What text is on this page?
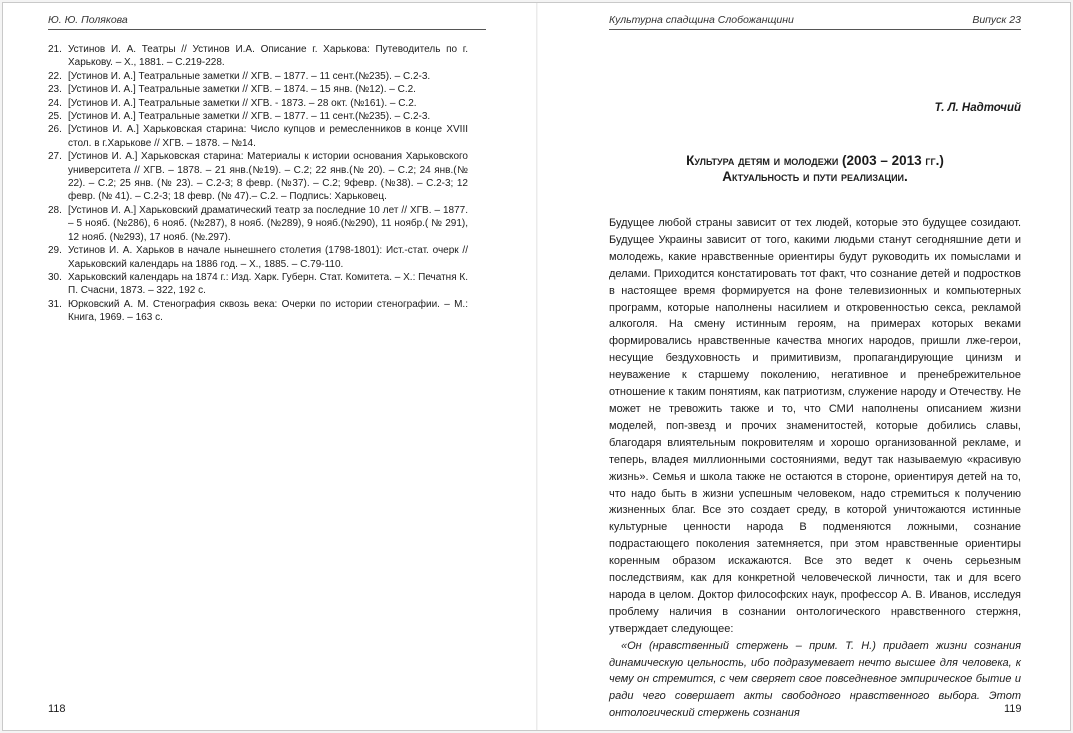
Ю. Ю. Полякова
21. Устинов И. А. Театры // Устинов И.А. Описание г. Харькова: Путеводитель по г. Харькову. – Х., 1881. – С.219-228.
22. [Устинов И. А.] Театральные заметки // ХГВ. – 1877. – 11 сент.(№235). – С.2-3.
23. [Устинов И. А.] Театральные заметки // ХГВ. – 1874. – 15 янв. (№12). – С.2.
24. [Устинов И. А.] Театральные заметки // ХГВ. - 1873. – 28 окт. (№161). – С.2.
25. [Устинов И. А.] Театральные заметки // ХГВ. – 1877. – 11 сент.(№235). – С.2-3.
26. [Устинов И. А.] Харьковская старина: Число купцов и ремесленников в конце XVIII стол. в г.Харькове // ХГВ. – 1878. – №14.
27. [Устинов И. А.] Харьковская старина: Материалы к истории основания Харьковского университета // ХГВ. – 1878. – 21 янв.(№19). – С.2; 22 янв.(№ 20). – С.2; 24 янв.(№ 22). – С.2; 25 янв. (№ 23). – С.2-3; 8 февр. (№37). – С.2; 9февр. (№38). – С.2-3; 12 февр. (№ 41). – С.2-3; 18 февр. (№ 47).– С.2. – Подпись: Харьковец.
28. [Устинов И. А.] Харьковский драматический театр за последние 10 лет // ХГВ. – 1877. – 5 нояб. (№286), 6 нояб. (№287), 8 нояб. (№289), 9 нояб.(№290), 11 ноябр.( № 291), 12 нояб. (№293), 17 нояб. (№.297).
29. Устинов И. А. Харьков в начале нынешнего столетия (1798-1801): Ист.-стат. очерк // Харьковский календарь на 1886 год. – Х., 1885. – С.79-110.
30. Харьковский календарь на 1874 г.: Изд. Харк. Губерн. Стат. Комитета. – Х.: Печатня К. П. Счасни, 1873. – 322, 192 с.
31. Юрковский А. М. Стенография сквозь века: Очерки по истории стенографии. – М.: Книга, 1969. – 163 с.
118
Культурна спадщина Слобожанщини	Випуск 23
Т. Л. Надточий
Культура детям и молодежи (2003 – 2013 гг.)
Актуальность и пути реализации.

Будущее любой страны зависит от тех людей, которые это будущее созидают. Будущее Украины зависит от того, какими людьми станут сегодняшние дети и молодежь, какие нравственные ориентиры будут руководить их помыслами и делами. Приходится констатировать тот факт, что сознание детей и подростков в настоящее время формируется на фоне телевизионных и компьютерных программ, которые наполнены насилием и откровенностью секса, рекламой алкоголя. На смену истинным героям, на примерах которых веками формировались нравственные качества многих народов, пришли лже-герои, несущие бездуховность и примитивизм, пропагандирующие цинизм и неуважение к старшему поколению, негативное и пренебрежительное отношение к таким понятиям, как патриотизм, служение народу и Отечеству. Не может не тревожить также и то, что СМИ наполнены описанием жизни моделей, поп-звезд и прочих знаменитостей, которые добились славы, благодаря влиятельным покровителям и хорошо организованной рекламе, и теперь, владея миллионными состояниями, ведут так называемую «красивую жизнь». Семья и школа также не остаются в стороне, ориентируя детей на то, что надо быть в жизни успешным человеком, надо стремиться к получению жизненных благ. Все это создает среду, в которой уничтожаются истинные культурные ценности народа В подменяются ложными, сознание подрастающего поколения затемняется, при этом нравственные ориентиры коренным образом искажаются. Все это ведет к очень серьезным последствиям, как для конкретной человеческой личности, так и для всего народа в целом. Доктор философских наук, профессор А. В. Иванов, исследуя проблему наличия в сознании онтологического нравственного стержня, утверждает следующее:

«Он (нравственный стержень – прим. Т. Н.) придает жизни сознания динамическую цельность, ибо подразумевает нечто высшее для человека, к чему он стремится, с чем сверяет свое повседневное эмпирическое бытие и ради чего совершает акты свободного нравственного выбора. Этот онтологический стержень сознания	119
